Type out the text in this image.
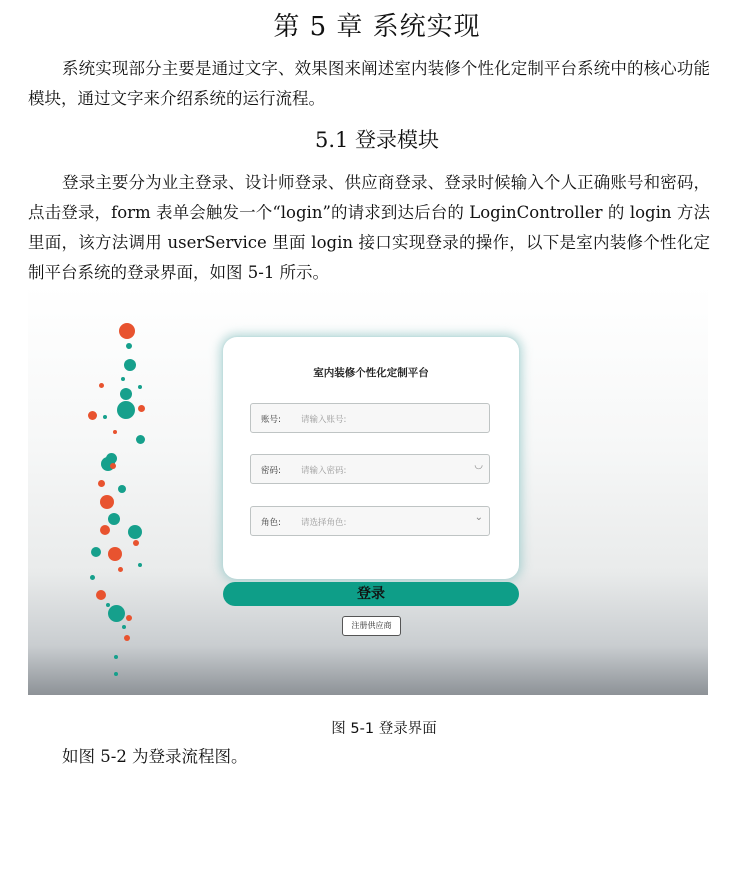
第 5 章 系统实现
系统实现部分主要是通过文字、效果图来阐述室内装修个性化定制平台系统中的核心功能模块，通过文字来介绍系统的运行流程。
5.1 登录模块
登录主要分为业主登录、设计师登录、供应商登录、登录时候输入个人正确账号和密码，点击登录，form 表单会触发一个“login”的请求到达后台的 LoginController 的 login 方法里面，该方法调用 userService 里面 login 接口实现登录的操作，以下是室内装修个性化定制平台系统的登录界面，如图 5-1 所示。
室内装修个性化定制平台
账号: 请输入账号:
密码: 请输入密码:	◡
角色: 请选择角色:	⌄
登录
注册供应商
图 5-1 登录界面
如图 5-2 为登录流程图。
